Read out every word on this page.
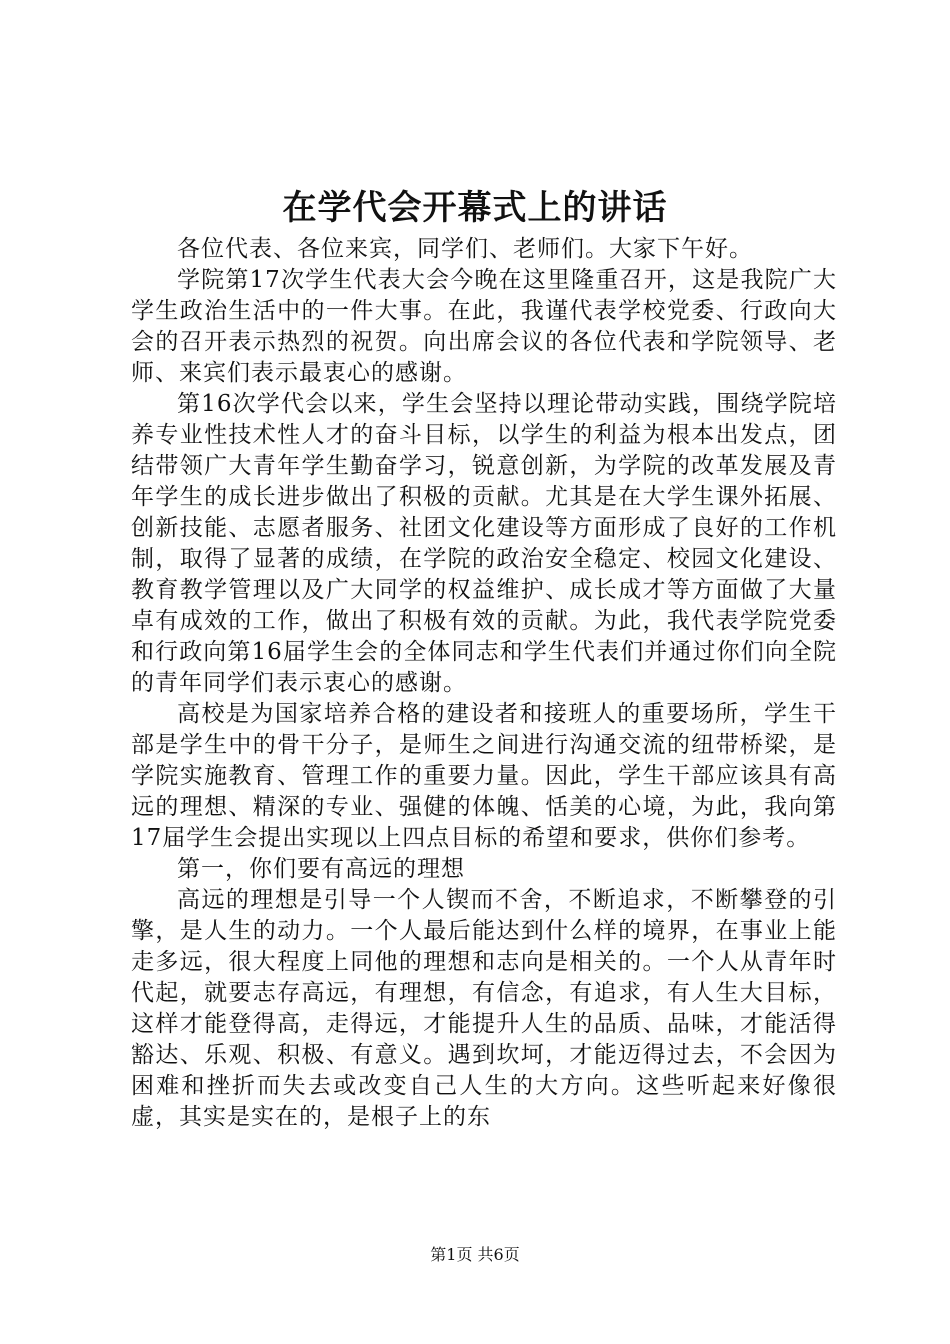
在学代会开幕式上的讲话

各位代表、各位来宾，同学们、老师们。大家下午好。

学院第17次学生代表大会今晚在这里隆重召开，这是我院广大学生政治生活中的一件大事。在此，我谨代表学校党委、行政向大会的召开表示热烈的祝贺。向出席会议的各位代表和学院领导、老师、来宾们表示最衷心的感谢。

第16次学代会以来，学生会坚持以理论带动实践，围绕学院培养专业性技术性人才的奋斗目标，以学生的利益为根本出发点，团结带领广大青年学生勤奋学习，锐意创新，为学院的改革发展及青年学生的成长进步做出了积极的贡献。尤其是在大学生课外拓展、创新技能、志愿者服务、社团文化建设等方面形成了良好的工作机制，取得了显著的成绩，在学院的政治安全稳定、校园文化建设、教育教学管理以及广大同学的权益维护、成长成才等方面做了大量卓有成效的工作，做出了积极有效的贡献。为此，我代表学院党委和行政向第16届学生会的全体同志和学生代表们并通过你们向全院的青年同学们表示衷心的感谢。

高校是为国家培养合格的建设者和接班人的重要场所，学生干部是学生中的骨干分子，是师生之间进行沟通交流的纽带桥梁，是学院实施教育、管理工作的重要力量。因此，学生干部应该具有高远的理想、精深的专业、强健的体魄、恬美的心境，为此，我向第17届学生会提出实现以上四点目标的希望和要求，供你们参考。

第一，你们要有高远的理想

高远的理想是引导一个人锲而不舍，不断追求，不断攀登的引擎，是人生的动力。一个人最后能达到什么样的境界，在事业上能走多远，很大程度上同他的理想和志向是相关的。一个人从青年时代起，就要志存高远，有理想，有信念，有追求，有人生大目标，这样才能登得高，走得远，才能提升人生的品质、品味，才能活得豁达、乐观、积极、有意义。遇到坎坷，才能迈得过去，不会因为困难和挫折而失去或改变自己人生的大方向。这些听起来好像很虚，其实是实在的，是根子上的东

第1页 共6页
